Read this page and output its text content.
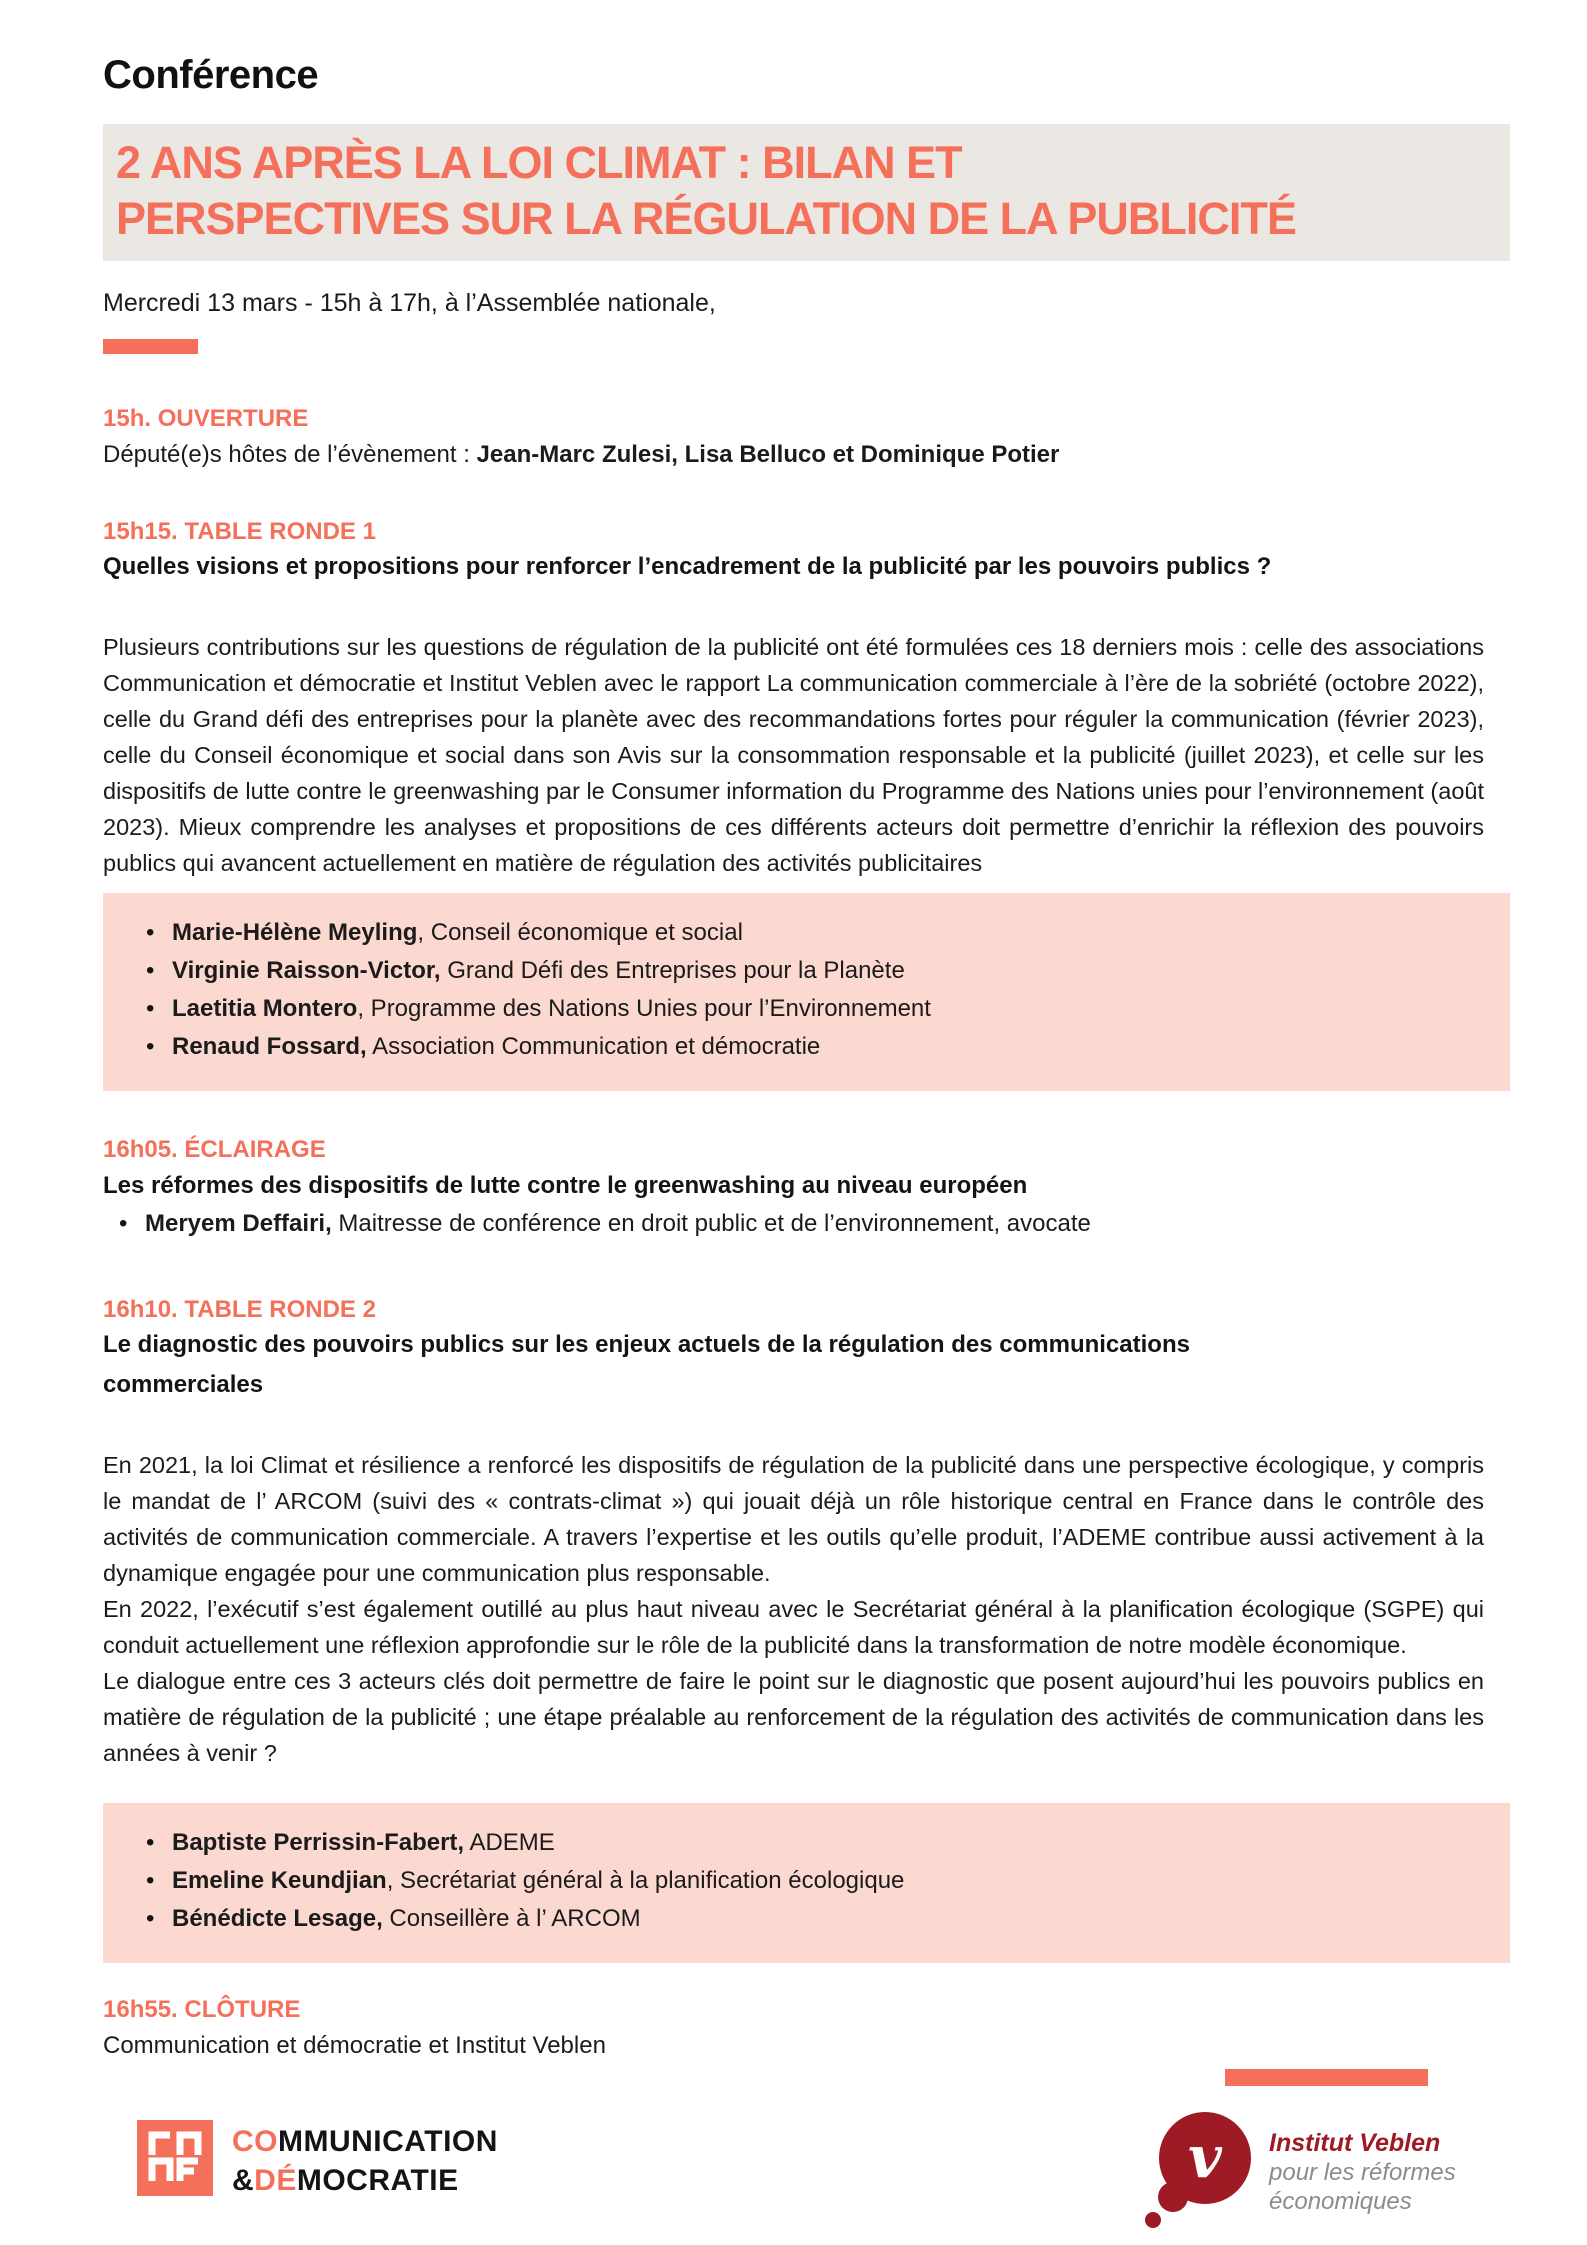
Conférence
2 ANS APRÈS LA LOI CLIMAT : BILAN ET
PERSPECTIVES SUR LA RÉGULATION DE LA PUBLICITÉ
Mercredi 13 mars - 15h à 17h, à l’Assemblée nationale,
15h. OUVERTURE
Député(e)s hôtes de l’évènement : Jean-Marc Zulesi, Lisa Belluco et Dominique Potier
15h15. TABLE RONDE 1
Quelles visions et propositions pour renforcer l’encadrement de la publicité par les pouvoirs publics ?

Plusieurs contributions sur les questions de régulation de la publicité ont été formulées ces 18 derniers mois : celle des associations Communication et démocratie et Institut Veblen avec le rapport La communication commerciale à l’ère de la sobriété (octobre 2022), celle du Grand défi des entreprises pour la planète avec des recommandations fortes pour réguler la communication (février 2023), celle du Conseil économique et social dans son Avis sur la consommation responsable et la publicité (juillet 2023), et celle sur les dispositifs de lutte contre le greenwashing par le Consumer information du Programme des Nations unies pour l’environnement (août 2023). Mieux comprendre les analyses et propositions de ces différents acteurs doit permettre d’enrichir la réflexion des pouvoirs publics qui avancent actuellement en matière de régulation des activités publicitaires

• Marie-Hélène Meyling, Conseil économique et social
• Virginie Raisson-Victor, Grand Défi des Entreprises pour la Planète
• Laetitia Montero, Programme des Nations Unies pour l’Environnement
• Renaud Fossard, Association Communication et démocratie
16h05. ÉCLAIRAGE
Les réformes des dispositifs de lutte contre le greenwashing au niveau européen
• Meryem Deffairi, Maitresse de conférence en droit public et de l’environnement, avocate
16h10. TABLE RONDE 2
Le diagnostic des pouvoirs publics sur les enjeux actuels de la régulation des communications
commerciales

En 2021, la loi Climat et résilience a renforcé les dispositifs de régulation de la publicité dans une perspective écologique, y compris le mandat de l’ ARCOM (suivi des « contrats-climat ») qui jouait déjà un rôle historique central en France dans le contrôle des activités de communication commerciale. A travers l’expertise et les outils qu’elle produit, l’ADEME contribue aussi activement à la dynamique engagée pour une communication plus responsable.

En 2022, l’exécutif s’est également outillé au plus haut niveau avec le Secrétariat général à la planification écologique (SGPE) qui conduit actuellement une réflexion approfondie sur le rôle de la publicité dans la transformation de notre modèle économique.

Le dialogue entre ces 3 acteurs clés doit permettre de faire le point sur le diagnostic que posent aujourd’hui les pouvoirs publics en matière de régulation de la publicité ; une étape préalable au renforcement de la régulation des activités de communication dans les années à venir ?

• Baptiste Perrissin-Fabert, ADEME
• Emeline Keundjian, Secrétariat général à la planification écologique
• Bénédicte Lesage, Conseillère à l’ ARCOM
16h55. CLÔTURE
Communication et démocratie et Institut Veblen
COMMUNICATION
&DÉMOCRATIE	v Institut Veblen
pour les réformes
économiques
